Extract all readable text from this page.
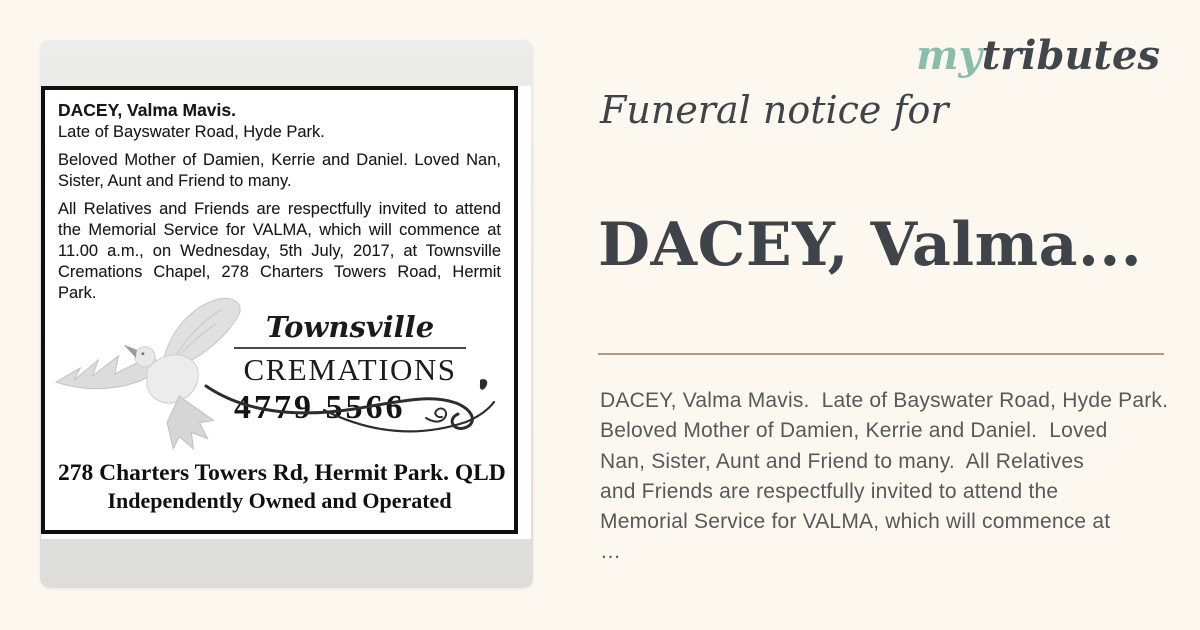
DACEY, Valma Mavis.
Late of Bayswater Road, Hyde Park.
Beloved Mother of Damien, Kerrie and Daniel. Loved Nan, Sister, Aunt and Friend to many.
All Relatives and Friends are respectfully invited to attend the Memorial Service for VALMA, which will commence at 11.00 a.m., on Wednesday, 5th July, 2017, at Townsville Cremations Chapel, 278 Charters Towers Road, Hermit Park.
Townsville
CREMATIONS
4779 5566
278 Charters Towers Rd, Hermit Park. QLD
Independently Owned and Operated
mytributes
Funeral notice for
DACEY, Valma...
DACEY, Valma Mavis.  Late of Bayswater Road, Hyde Park.
Beloved Mother of Damien, Kerrie and Daniel.  Loved
Nan, Sister, Aunt and Friend to many.  All Relatives
and Friends are respectfully invited to attend the
Memorial Service for VALMA, which will commence at
…
